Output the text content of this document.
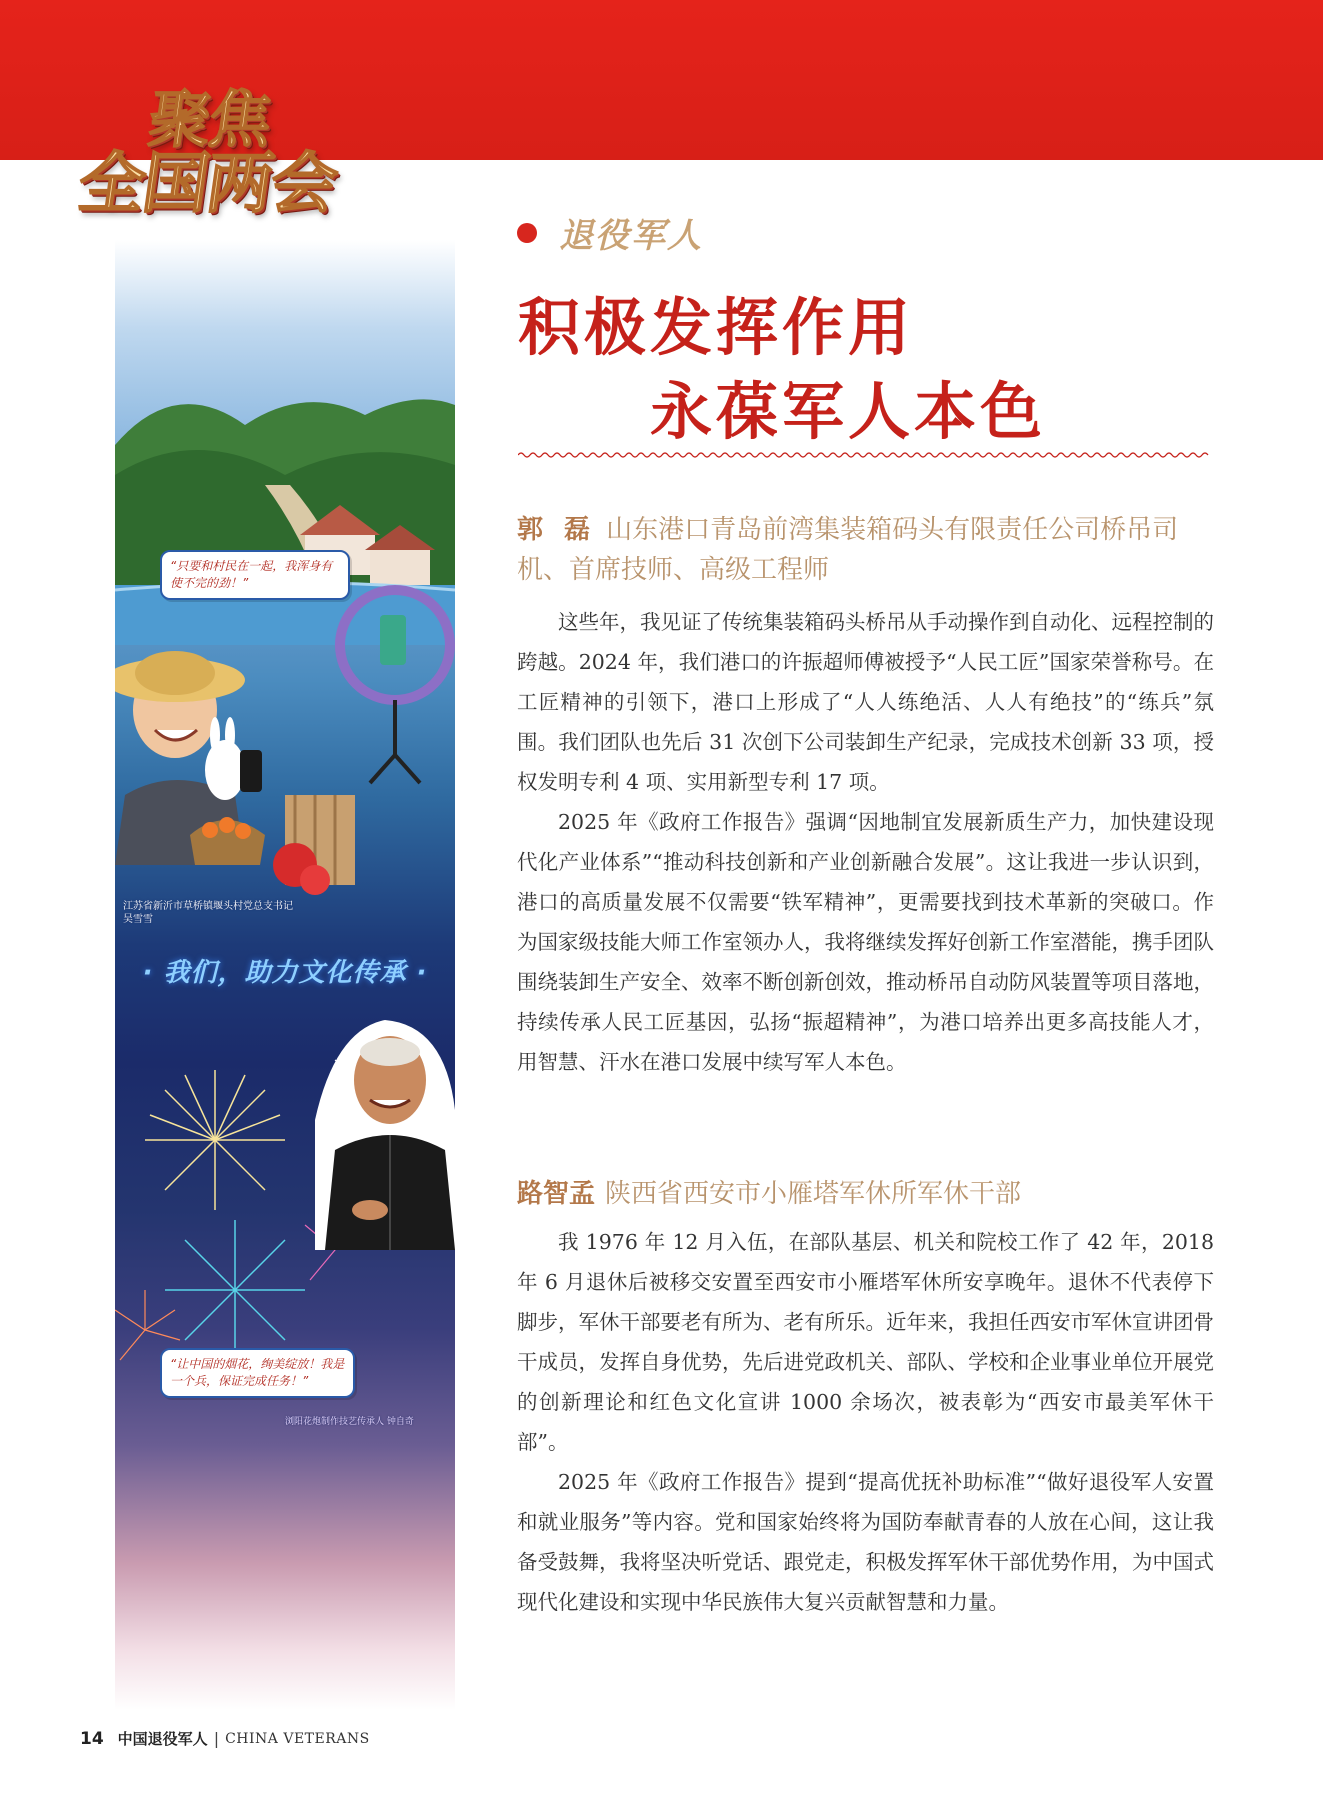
聚焦
全国两会
“只要和村民在一起，我浑身有使不完的劲！”
江苏省新沂市草桥镇堰头村党总支书记 吴雪雪
· 我们，助力文化传承 ·
“让中国的烟花，绚美绽放！我是一个兵，保证完成任务！”
浏阳花炮制作技艺传承人 钟自奇
退役军人
积极发挥作用
永葆军人本色
郭 磊 山东港口青岛前湾集装箱码头有限责任公司桥吊司机、首席技师、高级工程师

这些年，我见证了传统集装箱码头桥吊从手动操作到自动化、远程控制的跨越。2024 年，我们港口的许振超师傅被授予“人民工匠”国家荣誉称号。在工匠精神的引领下，港口上形成了“人人练绝活、人人有绝技”的“练兵”氛围。我们团队也先后 31 次创下公司装卸生产纪录，完成技术创新 33 项，授权发明专利 4 项、实用新型专利 17 项。

2025 年《政府工作报告》强调“因地制宜发展新质生产力，加快建设现代化产业体系”“推动科技创新和产业创新融合发展”。这让我进一步认识到，港口的高质量发展不仅需要“铁军精神”，更需要找到技术革新的突破口。作为国家级技能大师工作室领办人，我将继续发挥好创新工作室潜能，携手团队围绕装卸生产安全、效率不断创新创效，推动桥吊自动防风装置等项目落地，持续传承人民工匠基因，弘扬“振超精神”，为港口培养出更多高技能人才，用智慧、汗水在港口发展中续写军人本色。

路智孟 陕西省西安市小雁塔军休所军休干部

我 1976 年 12 月入伍，在部队基层、机关和院校工作了 42 年，2018 年 6 月退休后被移交安置至西安市小雁塔军休所安享晚年。退休不代表停下脚步，军休干部要老有所为、老有所乐。近年来，我担任西安市军休宣讲团骨干成员，发挥自身优势，先后进党政机关、部队、学校和企业事业单位开展党的创新理论和红色文化宣讲 1000 余场次，被表彰为“西安市最美军休干部”。

2025 年《政府工作报告》提到“提高优抚补助标准”“做好退役军人安置和就业服务”等内容。党和国家始终将为国防奉献青春的人放在心间，这让我备受鼓舞，我将坚决听党话、跟党走，积极发挥军休干部优势作用，为中国式现代化建设和实现中华民族伟大复兴贡献智慧和力量。

14 中国退役军人 | CHINA VETERANS
